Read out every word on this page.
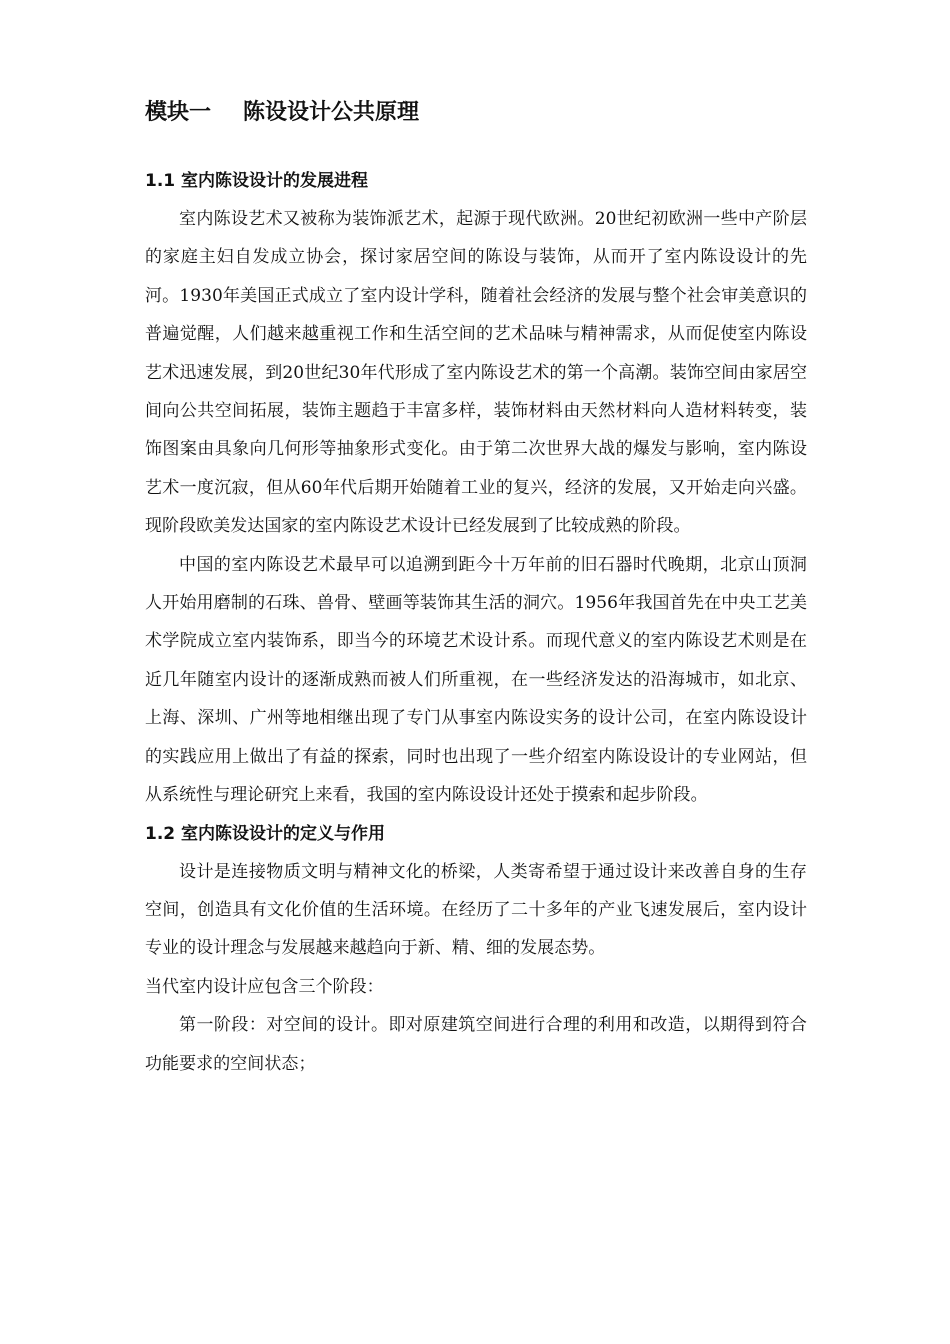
模块一 陈设设计公共原理
1.1 室内陈设设计的发展进程

室内陈设艺术又被称为装饰派艺术，起源于现代欧洲。20世纪初欧洲一些中产阶层的家庭主妇自发成立协会，探讨家居空间的陈设与装饰，从而开了室内陈设设计的先河。1930年美国正式成立了室内设计学科，随着社会经济的发展与整个社会审美意识的普遍觉醒，人们越来越重视工作和生活空间的艺术品味与精神需求，从而促使室内陈设艺术迅速发展，到20世纪30年代形成了室内陈设艺术的第一个高潮。装饰空间由家居空间向公共空间拓展，装饰主题趋于丰富多样，装饰材料由天然材料向人造材料转变，装饰图案由具象向几何形等抽象形式变化。由于第二次世界大战的爆发与影响，室内陈设艺术一度沉寂，但从60年代后期开始随着工业的复兴，经济的发展，又开始走向兴盛。现阶段欧美发达国家的室内陈设艺术设计已经发展到了比较成熟的阶段。

中国的室内陈设艺术最早可以追溯到距今十万年前的旧石器时代晚期，北京山顶洞人开始用磨制的石珠、兽骨、壁画等装饰其生活的洞穴。1956年我国首先在中央工艺美术学院成立室内装饰系，即当今的环境艺术设计系。而现代意义的室内陈设艺术则是在近几年随室内设计的逐渐成熟而被人们所重视，在一些经济发达的沿海城市，如北京、上海、深圳、广州等地相继出现了专门从事室内陈设实务的设计公司，在室内陈设设计的实践应用上做出了有益的探索，同时也出现了一些介绍室内陈设设计的专业网站，但从系统性与理论研究上来看，我国的室内陈设设计还处于摸索和起步阶段。

1.2 室内陈设设计的定义与作用

设计是连接物质文明与精神文化的桥梁，人类寄希望于通过设计来改善自身的生存空间，创造具有文化价值的生活环境。在经历了二十多年的产业飞速发展后，室内设计专业的设计理念与发展越来越趋向于新、精、细的发展态势。

当代室内设计应包含三个阶段：

第一阶段：对空间的设计。即对原建筑空间进行合理的利用和改造，以期得到符合功能要求的空间状态；
